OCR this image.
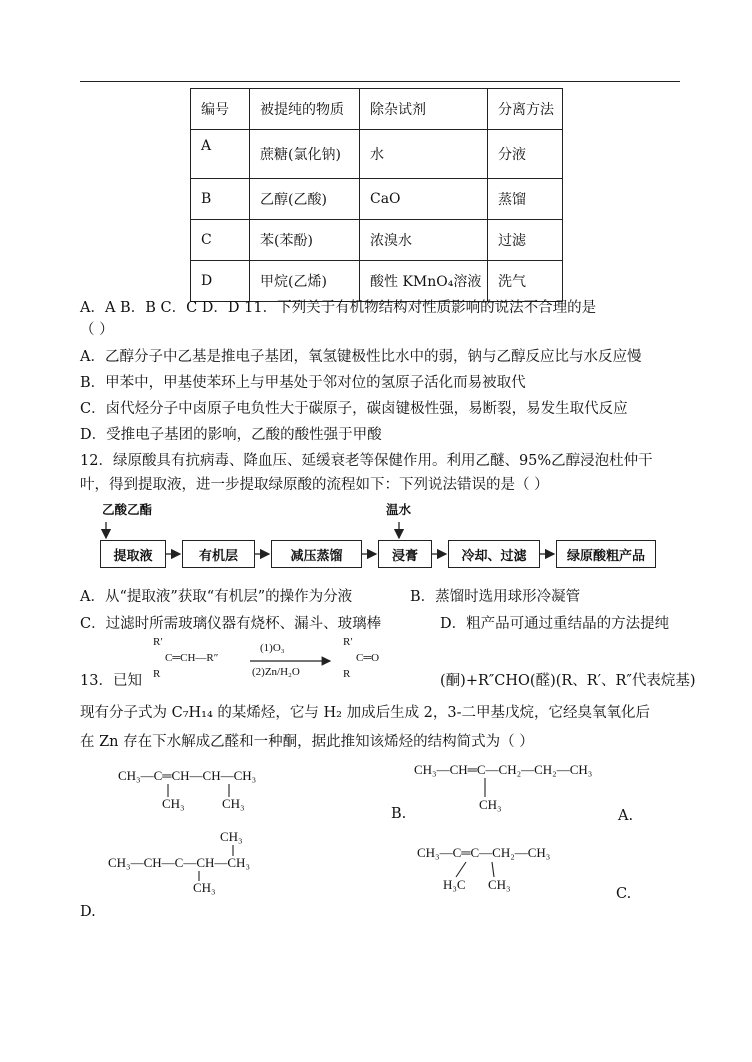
编号	被提纯的物质	除杂试剂	分离方法
A	蔗糖(氯化钠)	水	分液
B	乙醇(乙酸)	CaO	蒸馏
C	苯(苯酚)	浓溴水	过滤
D	甲烷(乙烯)	酸性 KMnO₄溶液	洗气
A．A B．B C．C D．D 11．下列关于有机物结构对性质影响的说法不合理的是
（ ）
A．乙醇分子中乙基是推电子基团，氧氢键极性比水中的弱，钠与乙醇反应比与水反应慢
B．甲苯中，甲基使苯环上与甲基处于邻对位的氢原子活化而易被取代
C．卤代烃分子中卤原子电负性大于碳原子，碳卤键极性强，易断裂，易发生取代反应
D．受推电子基团的影响，乙酸的酸性强于甲酸
12．绿原酸具有抗病毒、降血压、延缓衰老等保健作用。利用乙醚、95%乙醇浸泡杜仲干
叶，得到提取液，进一步提取绿原酸的流程如下：下列说法错误的是（ ）
乙酸乙酯	温水
提取液	有机层	减压蒸馏	浸膏	冷却、过滤	绿原酸粗产品
A．从“提取液”获取“有机层”的操作为分液	B．蒸馏时选用球形冷凝管
C．过滤时所需玻璃仪器有烧杯、漏斗、玻璃棒	D．粗产品可通过重结晶的方法提纯
13．已知
R′
C═CH—R″
R
(1)O₃
(2)Zn/H₂O
R′
C═O
R	(酮)+R″CHO(醛)(R、R′、R″代表烷基)
现有分子式为 C₇H₁₄ 的某烯烃，它与 H₂ 加成后生成 2，3‑二甲基戊烷，它经臭氧氧化后
在 Zn 存在下水解成乙醛和一种酮，据此推知该烯烃的结构简式为（ ）
CH₃—C═CH—CH—CH₃
CH₃	CH₃
CH₃—CH═C—CH₂—CH₂—CH₃
CH₃
CH₃
CH₃—CH—C—CH—CH₃
CH₃
CH₃—C═C—CH₂—CH₃
H₃C CH₃
B.	A.
C.
D.
